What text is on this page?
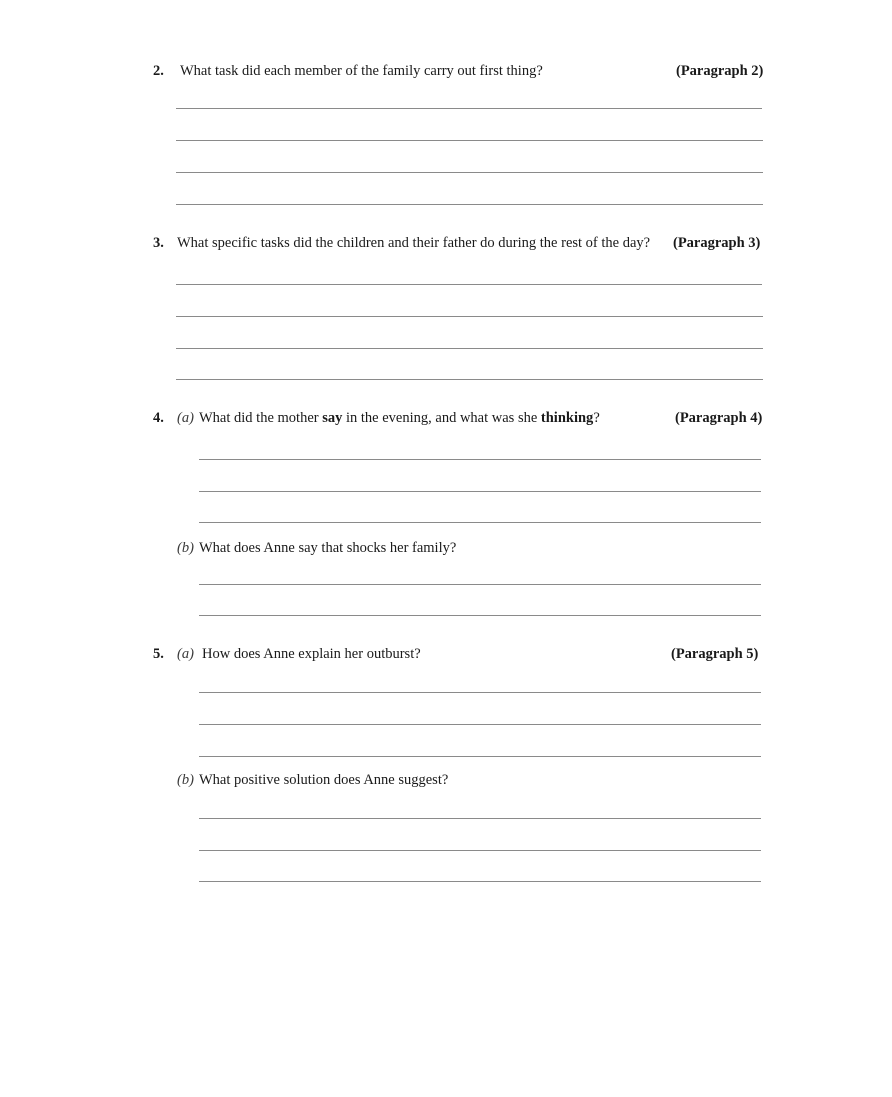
2. What task did each member of the family carry out first thing?	(Paragraph 2)
3. What specific tasks did the children and their father do during the rest of the day? (Paragraph 3)
4. (a) What did the mother say in the evening, and what was she thinking?	(Paragraph 4)
(b) What does Anne say that shocks her family?
5. (a) How does Anne explain her outburst?	(Paragraph 5)
(b) What positive solution does Anne suggest?
